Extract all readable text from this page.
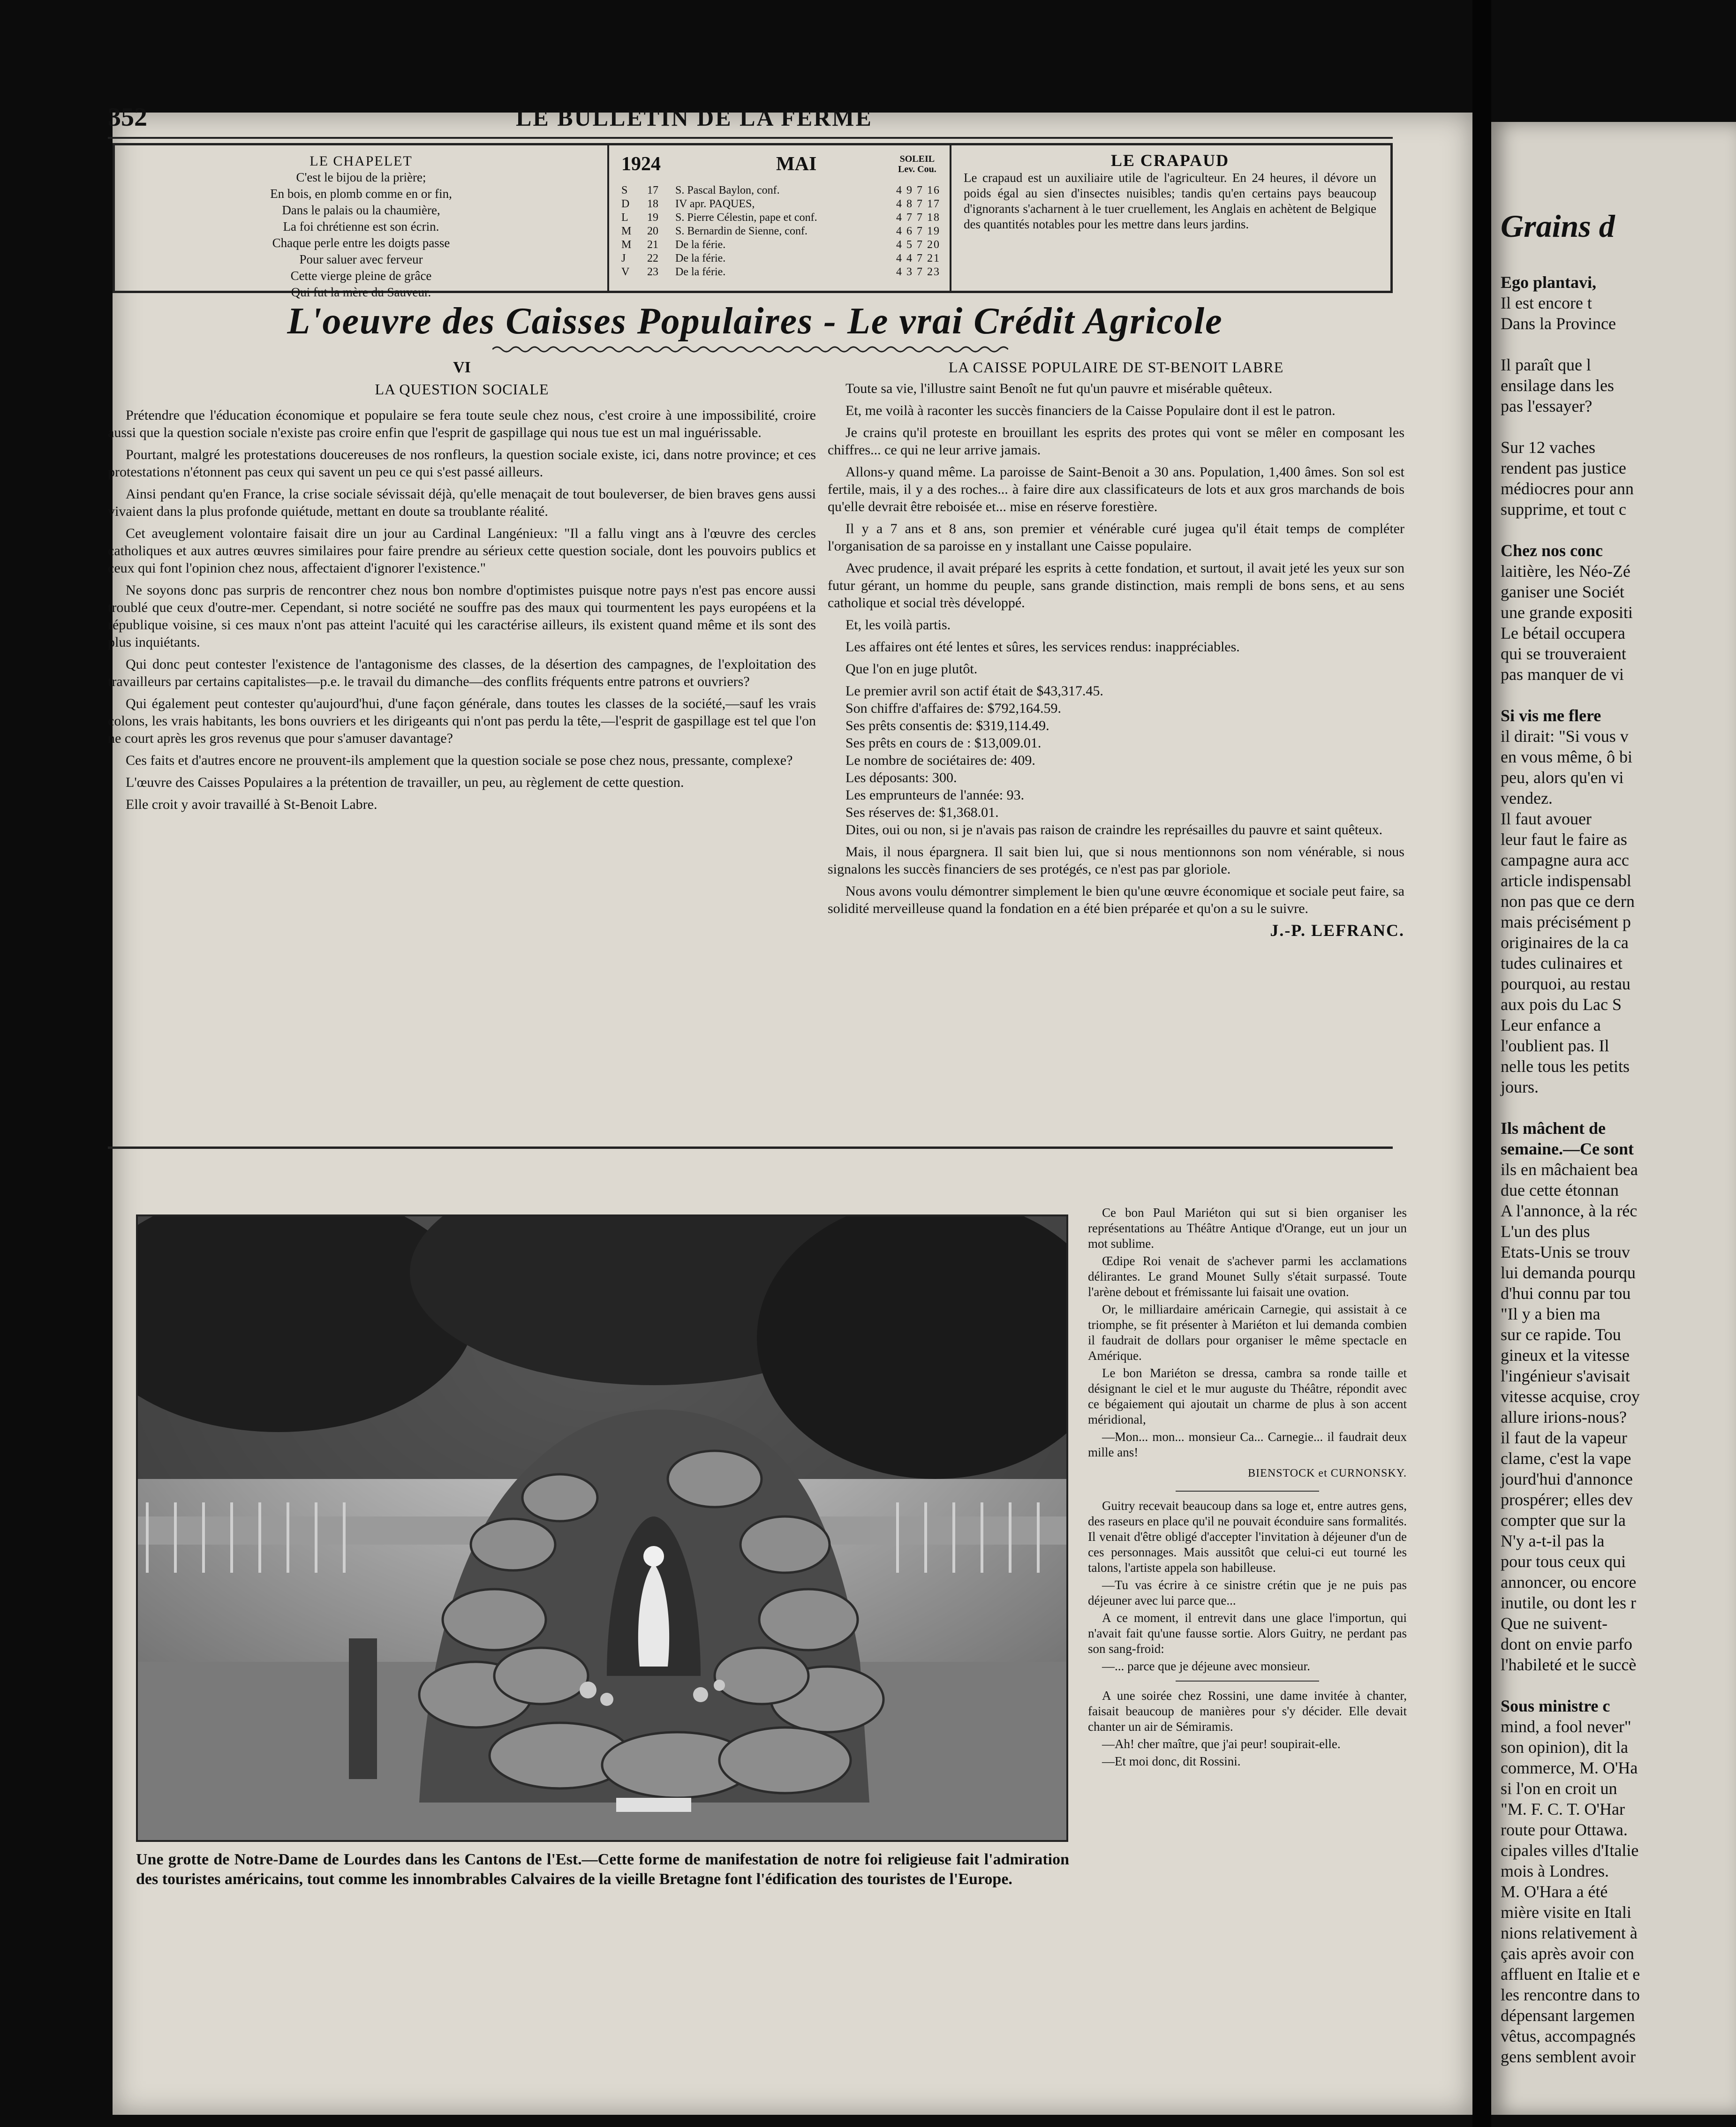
Grains d
Ego plantavi,
Il est encore t
Dans la Province

Il paraît que l
ensilage dans les
pas l'essayer?

Sur 12 vaches
rendent pas justice
médiocres pour ann
supprime, et tout c

Chez nos conc
laitière, les Néo-Zé
ganiser une Sociét
une grande expositi
Le bétail occupera
qui se trouveraient
pas manquer de vi

Si vis me flere
il dirait: "Si vous v
en vous même, ô bi
peu, alors qu'en vi
vendez.
Il faut avouer
leur faut le faire as
campagne aura acc
article indispensabl
non pas que ce dern
mais précisément p
originaires de la ca
tudes culinaires et
pourquoi, au restau
aux pois du Lac S
Leur enfance a
l'oublient pas. Il
nelle tous les petits
jours.

Ils mâchent de
semaine.—Ce sont
ils en mâchaient bea
due cette étonnan
A l'annonce, à la réc
L'un des plus
Etats-Unis se trouv
lui demanda pourqu
d'hui connu par tou
"Il y a bien ma
sur ce rapide. Tou
gineux et la vitesse
l'ingénieur s'avisait
vitesse acquise, croy
allure irions-nous?
il faut de la vapeur
clame, c'est la vape
jourd'hui d'annonce
prospérer; elles dev
compter que sur la
N'y a-t-il pas la
pour tous ceux qui
annoncer, ou encore
inutile, ou dont les r
Que ne suivent-
dont on envie parfo
l'habileté et le succè

Sous ministre c
mind, a fool never"
son opinion), dit la
commerce, M. O'Ha
si l'on en croit un
"M. F. C. T. O'Har
route pour Ottawa.
cipales villes d'Italie
mois à Londres.
M. O'Hara a été
mière visite en Itali
nions relativement à
çais après avoir con
affluent en Italie et e
les rencontre dans to
dépensant largemen
vêtus, accompagnés
gens semblent avoir
352	LE BULLETIN DE LA FERME
LE CHAPELET
C'est le bijou de la prière;
En bois, en plomb comme en or fin,
Dans le palais ou la chaumière,
La foi chrétienne est son écrin.
Chaque perle entre les doigts passe
Pour saluer avec ferveur
Cette vierge pleine de grâce
Qui fut la mère du Sauveur.
1924	MAI	SOLEIL
Lev. Cou.
S	17	S. Pascal Baylon, conf.	4 9 7 16
D	18	IV apr. PAQUES,	4 8 7 17
L	19	S. Pierre Célestin, pape et conf.	4 7 7 18
M	20	S. Bernardin de Sienne, conf.	4 6 7 19
M	21	De la férie.	4 5 7 20
J	22	De la férie.	4 4 7 21
V	23	De la férie.	4 3 7 23
LE CRAPAUD
Le crapaud est un auxiliaire utile de l'agriculteur. En 24 heures, il dévore un poids égal au sien d'insectes nuisibles; tandis qu'en certains pays beaucoup d'ignorants s'acharnent à le tuer cruellement, les Anglais en achètent de Belgique des quantités notables pour les mettre dans leurs jardins.
L'oeuvre des Caisses Populaires - Le vrai Crédit Agricole
VI
LA QUESTION SOCIALE

Prétendre que l'éducation économique et populaire se fera toute seule chez nous, c'est croire à une impossibilité, croire aussi que la question sociale n'existe pas croire enfin que l'esprit de gaspillage qui nous tue est un mal inguérissable.

Pourtant, malgré les protestations doucereuses de nos ronfleurs, la question sociale existe, ici, dans notre province; et ces protestations n'étonnent pas ceux qui savent un peu ce qui s'est passé ailleurs.

Ainsi pendant qu'en France, la crise sociale sévissait déjà, qu'elle menaçait de tout bouleverser, de bien braves gens aussi vivaient dans la plus profonde quiétude, mettant en doute sa troublante réalité.

Cet aveuglement volontaire faisait dire un jour au Cardinal Langénieux: "Il a fallu vingt ans à l'œuvre des cercles catholiques et aux autres œuvres similaires pour faire prendre au sérieux cette question sociale, dont les pouvoirs publics et ceux qui font l'opinion chez nous, affectaient d'ignorer l'existence."

Ne soyons donc pas surpris de rencontrer chez nous bon nombre d'optimistes puisque notre pays n'est pas encore aussi troublé que ceux d'outre-mer. Cependant, si notre société ne souffre pas des maux qui tourmentent les pays européens et la république voisine, si ces maux n'ont pas atteint l'acuité qui les caractérise ailleurs, ils existent quand même et ils sont des plus inquiétants.

Qui donc peut contester l'existence de l'antagonisme des classes, de la désertion des campagnes, de l'exploitation des travailleurs par certains capitalistes—p.e. le travail du dimanche—des conflits fréquents entre patrons et ouvriers?

Qui également peut contester qu'aujourd'hui, d'une façon générale, dans toutes les classes de la société,—sauf les vrais colons, les vrais habitants, les bons ouvriers et les dirigeants qui n'ont pas perdu la tête,—l'esprit de gaspillage est tel que l'on ne court après les gros revenus que pour s'amuser davantage?

Ces faits et d'autres encore ne prouvent-ils amplement que la question sociale se pose chez nous, pressante, complexe?

L'œuvre des Caisses Populaires a la prétention de travailler, un peu, au règlement de cette question.

Elle croit y avoir travaillé à St-Benoit Labre.

LA CAISSE POPULAIRE DE ST-BENOIT LABRE

Toute sa vie, l'illustre saint Benoît ne fut qu'un pauvre et misérable quêteux.

Et, me voilà à raconter les succès financiers de la Caisse Populaire dont il est le patron.

Je crains qu'il proteste en brouillant les esprits des protes qui vont se mêler en composant les chiffres... ce qui ne leur arrive jamais.

Allons-y quand même. La paroisse de Saint-Benoit a 30 ans. Population, 1,400 âmes. Son sol est fertile, mais, il y a des roches... à faire dire aux classificateurs de lots et aux gros marchands de bois qu'elle devrait être reboisée et... mise en réserve forestière.

Il y a 7 ans et 8 ans, son premier et vénérable curé jugea qu'il était temps de compléter l'organisation de sa paroisse en y installant une Caisse populaire.

Avec prudence, il avait préparé les esprits à cette fondation, et surtout, il avait jeté les yeux sur son futur gérant, un homme du peuple, sans grande distinction, mais rempli de bons sens, et au sens catholique et social très développé.

Et, les voilà partis.

Les affaires ont été lentes et sûres, les services rendus: inappréciables.

Que l'on en juge plutôt.

Le premier avril son actif était de $43,317.45.

Son chiffre d'affaires de: $792,164.59.

Ses prêts consentis de: $319,114.49.

Ses prêts en cours de : $13,009.01.

Le nombre de sociétaires de: 409.

Les déposants: 300.

Les emprunteurs de l'année: 93.

Ses réserves de: $1,368.01.

Dites, oui ou non, si je n'avais pas raison de craindre les représailles du pauvre et saint quêteux.

Mais, il nous épargnera. Il sait bien lui, que si nous mentionnons son nom vénérable, si nous signalons les succès financiers de ses protégés, ce n'est pas par gloriole.

Nous avons voulu démontrer simplement le bien qu'une œuvre économique et sociale peut faire, sa solidité merveilleuse quand la fondation en a été bien préparée et qu'on a su le suivre.

J.-P. LEFRANC.
Une grotte de Notre-Dame de Lourdes dans les Cantons de l'Est.—Cette forme de manifestation de notre foi religieuse fait l'admiration des touristes américains, tout comme les innombrables Calvaires de la vieille Bretagne font l'édification des touristes de l'Europe.

Ce bon Paul Mariéton qui sut si bien organiser les représentations au Théâtre Antique d'Orange, eut un jour un mot sublime.

Œdipe Roi venait de s'achever parmi les acclamations délirantes. Le grand Mounet Sully s'était surpassé. Toute l'arène debout et frémissante lui faisait une ovation.

Or, le milliardaire américain Carnegie, qui assistait à ce triomphe, se fit présenter à Mariéton et lui demanda combien il faudrait de dollars pour organiser le même spectacle en Amérique.

Le bon Mariéton se dressa, cambra sa ronde taille et désignant le ciel et le mur auguste du Théâtre, répondit avec ce bégaiement qui ajoutait un charme de plus à son accent méridional,

—Mon... mon... monsieur Ca... Carnegie... il faudrait deux mille ans!

BIENSTOCK et CURNONSKY.

Guitry recevait beaucoup dans sa loge et, entre autres gens, des raseurs en place qu'il ne pouvait éconduire sans formalités. Il venait d'être obligé d'accepter l'invitation à déjeuner d'un de ces personnages. Mais aussitôt que celui-ci eut tourné les talons, l'artiste appela son habilleuse.

—Tu vas écrire à ce sinistre crétin que je ne puis pas déjeuner avec lui parce que...

A ce moment, il entrevit dans une glace l'importun, qui n'avait fait qu'une fausse sortie. Alors Guitry, ne perdant pas son sang-froid:

—... parce que je déjeune avec monsieur.

A une soirée chez Rossini, une dame invitée à chanter, faisait beaucoup de manières pour s'y décider. Elle devait chanter un air de Sémiramis.

—Ah! cher maître, que j'ai peur! soupirait-elle.

—Et moi donc, dit Rossini.
